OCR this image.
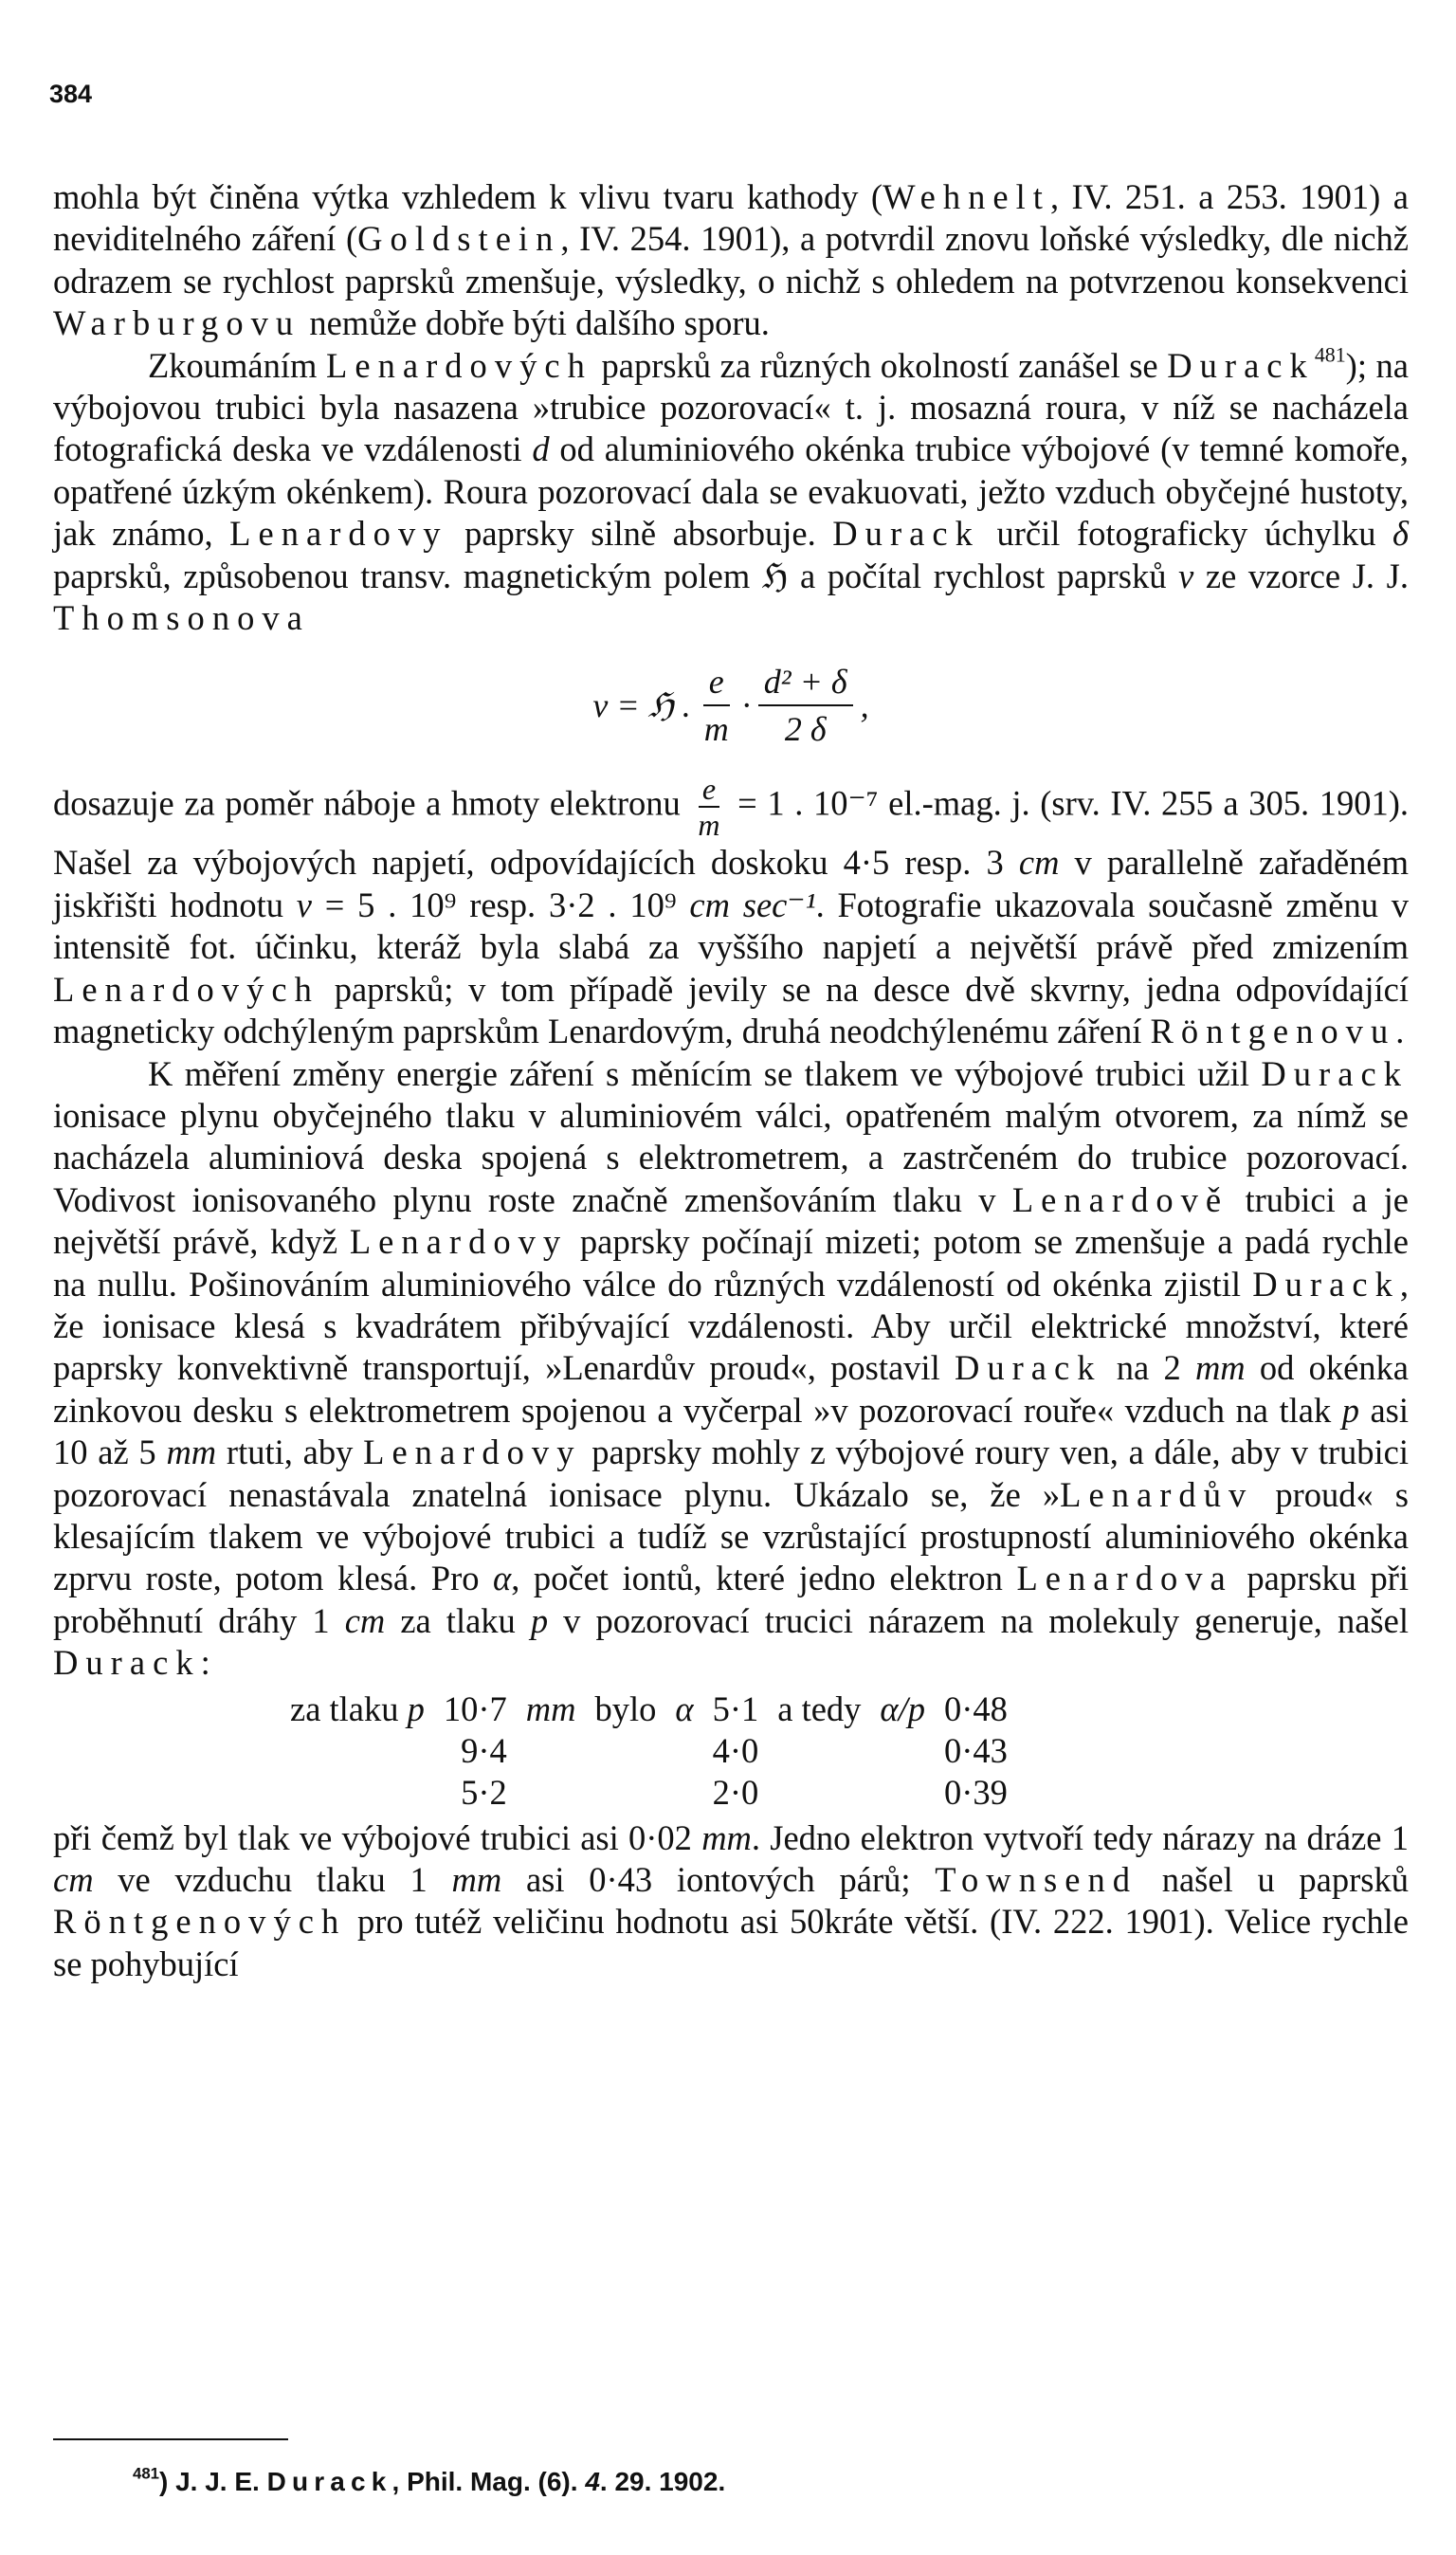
384

mohla být činěna výtka vzhledem k vlivu tvaru kathody (Wehnelt, IV. 251. a 253. 1901) a neviditelného záření (Goldstein, IV. 254. 1901), a potvrdil znovu loňské výsledky, dle nichž odrazem se rychlost paprsků zmenšuje, výsledky, o nichž s ohledem na potvrzenou konsekvenci Warburgovu nemůže dobře býti dalšího sporu.

Zkoumáním Lenardových paprsků za různých okolností zanášel se Durack$^{481}$); na výbojovou trubici byla nasazena »trubice pozorovací« t. j. mosazná roura, v níž se nacházela fotografická deska ve vzdálenosti d od aluminiového okénka trubice výbojové (v temné komoře, opatřené úzkým okénkem). Roura pozorovací dala se evakuovati, ježto vzduch obyčejné hustoty, jak známo, Lenardovy paprsky silně absorbuje. Durack určil fotograficky úchylku δ paprsků, způsobenou transv. magnetickým polem ℌ a počítal rychlost paprsků v ze vzorce J. J. Thomsonova

v = ℌ . $\frac{e}{m} \cdot \frac{\text{d² + δ}}{2 \delta}$ ,

dosazuje za poměr náboje a hmoty elektronu $\frac{e}{m} = 1$ . 10⁻⁷ el.-mag. j. (srv. IV. 255 a 305. 1901). Našel za výbojových napjetí, odpovídajících doskoku 4·5 resp. 3 cm v parallelně zařaděném jiskřišti hodnotu v = 5 . 10⁹ resp. 3·2 . 10⁹ cm sec⁻¹. Fotografie ukazovala současně změnu v intensitě fot. účinku, kteráž byla slabá za vyššího napjetí a největší právě před zmizením Lenardových paprsků; v tom případě jevily se na desce dvě skvrny, jedna odpovídající magneticky odchýleným paprskům Lenardovým, druhá neodchýlenému záření Röntgenovu.

K měření změny energie záření s měnícím se tlakem ve výbojové trubici užil Durack ionisace plynu obyčejného tlaku v aluminiovém válci, opatřeném malým otvorem, za nímž se nacházela aluminiová deska spojená s elektrometrem, a zastrčeném do trubice pozorovací. Vodivost ionisovaného plynu roste značně zmenšováním tlaku v Lenardově trubici a je největší právě, když Lenardovy paprsky počínají mizeti; potom se zmenšuje a padá rychle na nullu. Pošinováním aluminiového válce do různých vzdáleností od okénka zjistil Durack, že ionisace klesá s kvadrátem přibývající vzdálenosti. Aby určil elektrické množství, které paprsky konvektivně transportují, »Lenardův proud«, postavil Durack na 2 mm od okénka zinkovou desku s elektrometrem spojenou a vyčerpal »v pozorovací rouře« vzduch na tlak p asi 10 až 5 mm rtuti, aby Lenardovy paprsky mohly z výbojové roury ven, a dále, aby v trubici pozorovací nenastávala znatelná ionisace plynu. Ukázalo se, že »Lenardův proud« s klesajícím tlakem ve výbojové trubici a tudíž se vzrůstající prostupností aluminiového okénka zprvu roste, potom klesá. Pro α, počet iontů, které jedno elektron Lenardova paprsku při proběhnutí dráhy 1 cm za tlaku p v pozorovací trucici nárazem na molekuly generuje, našel Durack:

za tlaku p	10·7	mm	bylo	α	5·1	a tedy	α/p	0·48
	9·4				4·0			0·43
	5·2				2·0			0·39

při čemž byl tlak ve výbojové trubici asi 0·02 mm. Jedno elektron vytvoří tedy nárazy na dráze 1 cm ve vzduchu tlaku 1 mm asi 0·43 iontových párů; Townsend našel u paprsků Röntgenových pro tutéž veličinu hodnotu asi 50kráte větší. (IV. 222. 1901). Velice rychle se pohybující

$^{481}$) J. J. E. Durack, Phil. Mag. (6). 4. 29. 1902.
